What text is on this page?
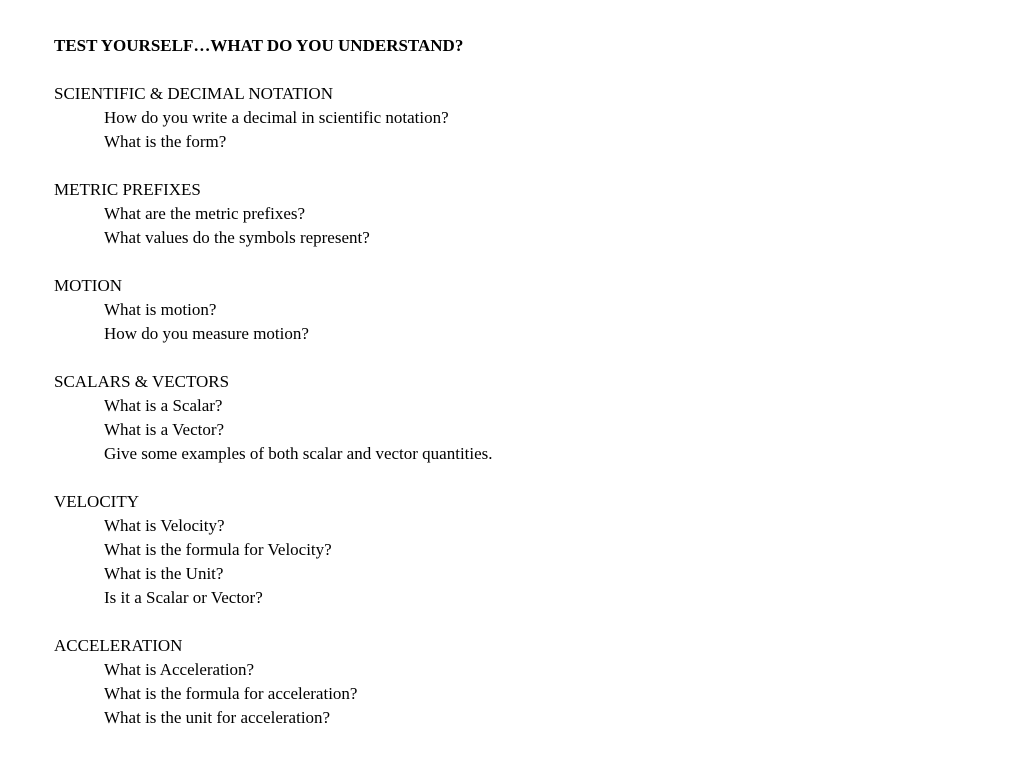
TEST YOURSELF…WHAT DO YOU UNDERSTAND?
SCIENTIFIC & DECIMAL NOTATION
How do you write a decimal in scientific notation?
What is the form?
METRIC PREFIXES
What are the metric prefixes?
What values do the symbols represent?
MOTION
What is motion?
How do you measure motion?
SCALARS & VECTORS
What is a Scalar?
What is a Vector?
Give some examples of both scalar and vector quantities.
VELOCITY
What is Velocity?
What is the formula for Velocity?
What is the Unit?
Is it a Scalar or Vector?
ACCELERATION
What is Acceleration?
What is the formula for acceleration?
What is the unit for acceleration?
